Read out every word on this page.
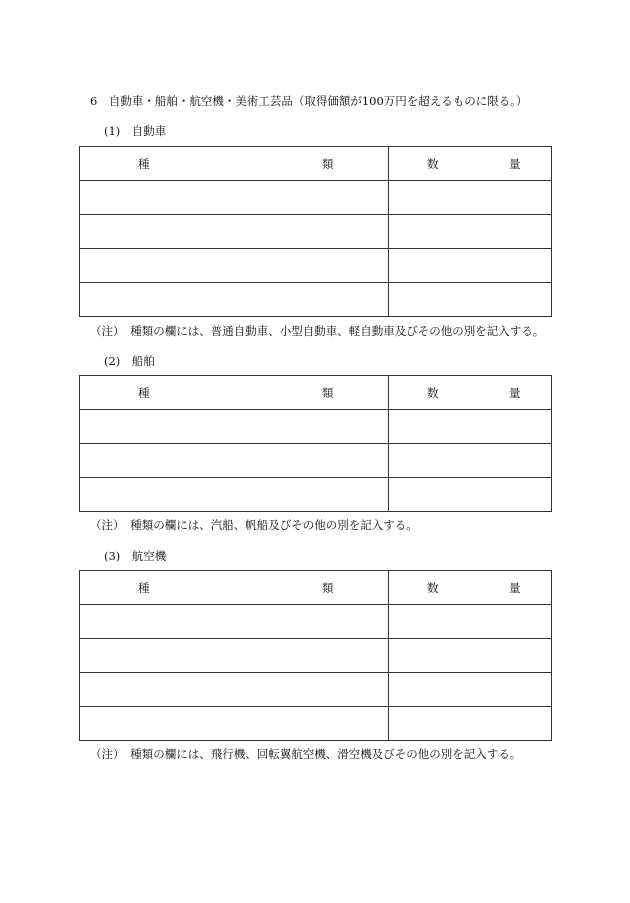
6　自動車・船舶・航空機・美術工芸品（取得価額が100万円を超えるものに限る。）
(1)　自動車
種 類	数 量

（注）　種類の欄には、普通自動車、小型自動車、軽自動車及びその他の別を記入する。
(2)　船舶
種 類	数 量

（注）　種類の欄には、汽船、帆船及びその他の別を記入する。
(3)　航空機
種 類	数 量

（注）　種類の欄には、飛行機、回転翼航空機、滑空機及びその他の別を記入する。
